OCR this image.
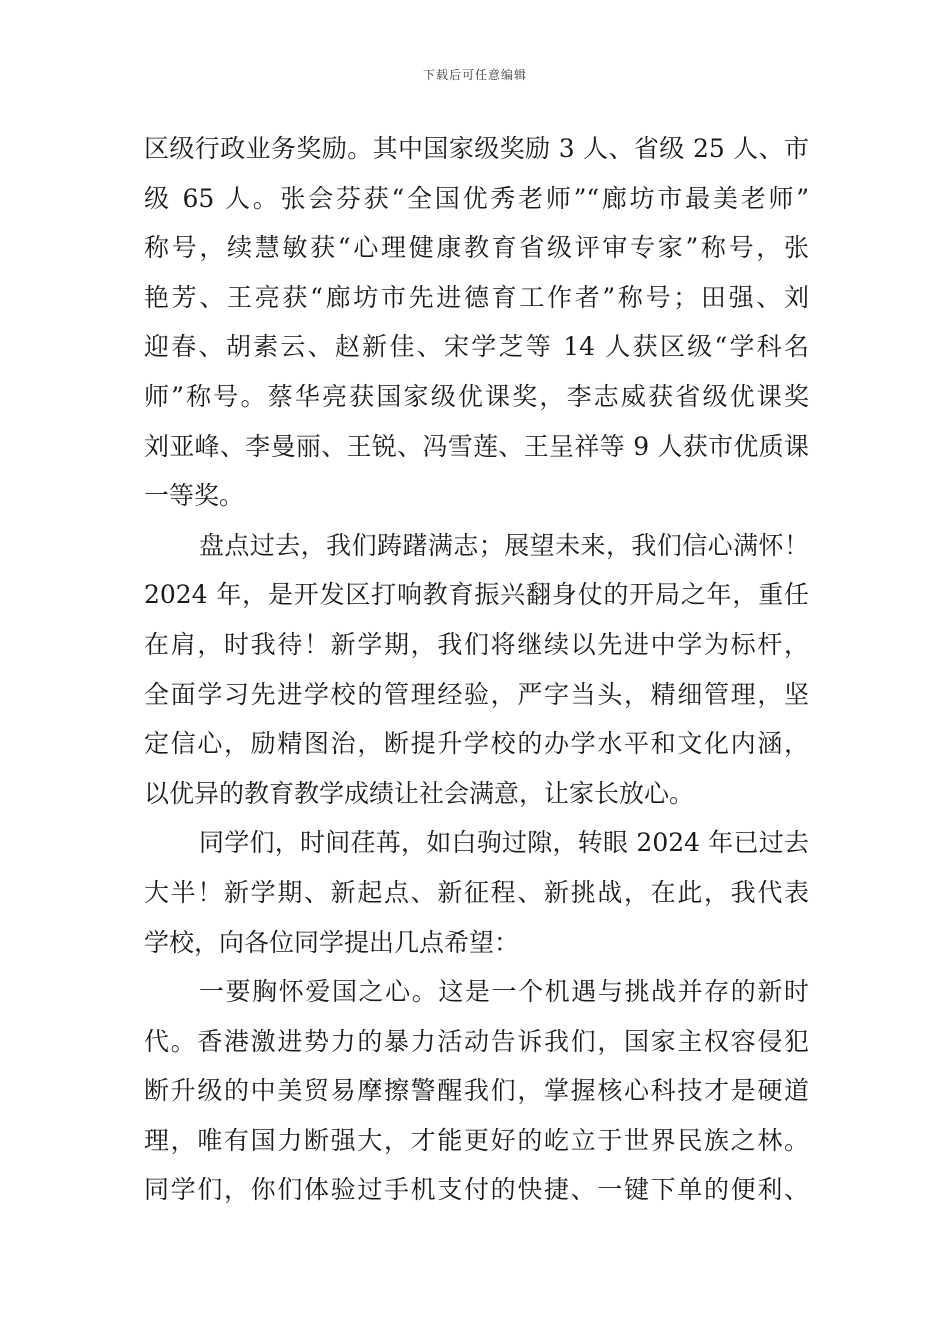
下载后可任意编辑
区级行政业务奖励。其中国家级奖励 3 人、省级 25 人、市
级 65 人。张会芬获“全国优秀老师”“廊坊市最美老师”
称号，续慧敏获“心理健康教育省级评审专家”称号，张
艳芳、王亮获“廊坊市先进德育工作者”称号；田强、刘
迎春、胡素云、赵新佳、宋学芝等 14 人获区级“学科名
师”称号。蔡华亮获国家级优课奖，李志威获省级优课奖
刘亚峰、李曼丽、王锐、冯雪莲、王呈祥等 9 人获市优质课
一等奖。
盘点过去，我们踌躇满志；展望未来，我们信心满怀！
2024 年，是开发区打响教育振兴翻身仗的开局之年，重任
在肩，时我待！新学期，我们将继续以先进中学为标杆，
全面学习先进学校的管理经验，严字当头，精细管理，坚
定信心，励精图治，断提升学校的办学水平和文化内涵，
以优异的教育教学成绩让社会满意，让家长放心。
同学们，时间荏苒，如白驹过隙，转眼 2024 年已过去
大半！新学期、新起点、新征程、新挑战，在此，我代表
学校，向各位同学提出几点希望：
一要胸怀爱国之心。这是一个机遇与挑战并存的新时
代。香港激进势力的暴力活动告诉我们，国家主权容侵犯
断升级的中美贸易摩擦警醒我们，掌握核心科技才是硬道
理，唯有国力断强大，才能更好的屹立于世界民族之林。
同学们，你们体验过手机支付的快捷、一键下单的便利、
